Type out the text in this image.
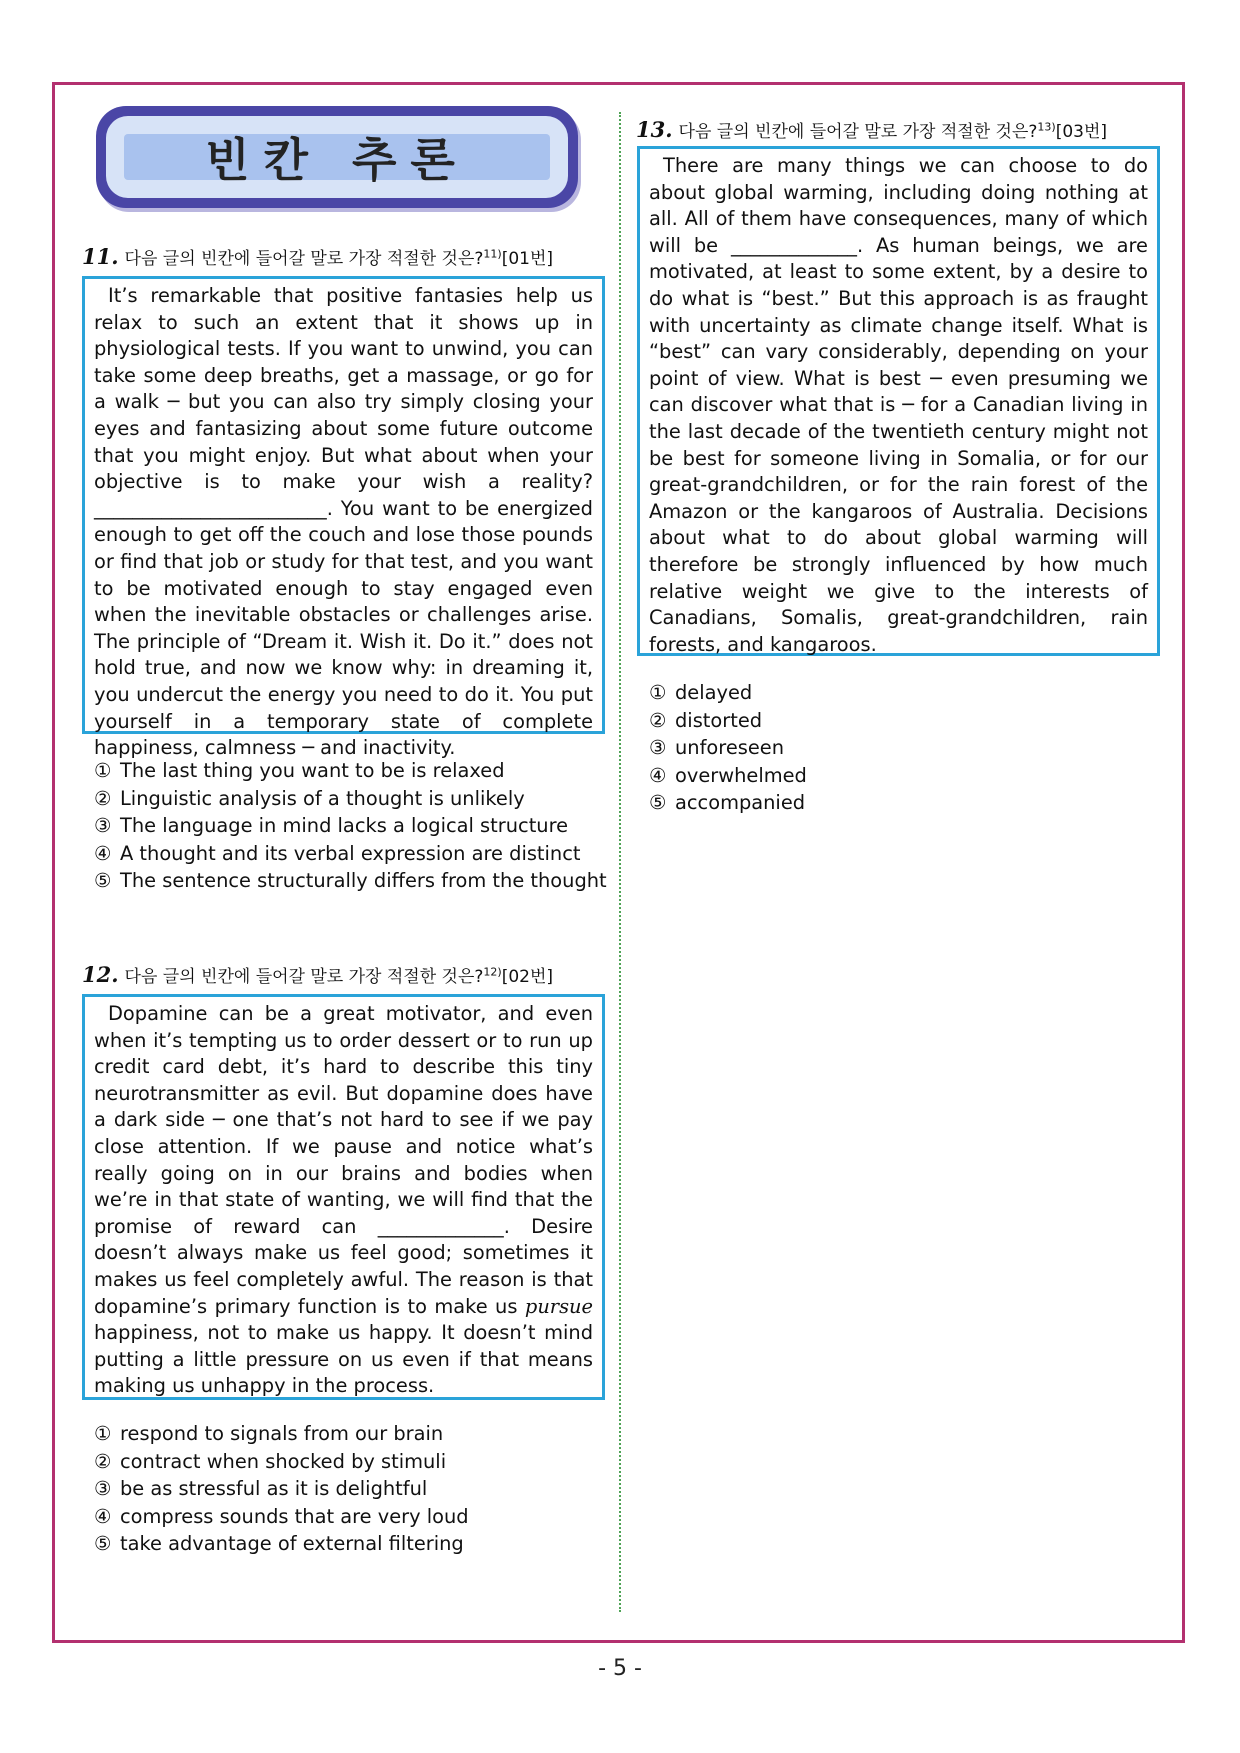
빈칸 추론
11. 다음 글의 빈칸에 들어갈 말로 가장 적절한 것은?$^{11)}$[01번]

It’s remarkable that positive fantasies help us relax to such an extent that it shows up in physiological tests. If you want to unwind, you can take some deep breaths, get a massage, or go for a walk ─ but you can also try simply closing your eyes and fantasizing about some future outcome that you might enjoy. But what about when your objective is to make your wish a reality? ________________________. You want to be energized enough to get off the couch and lose those pounds or find that job or study for that test, and you want to be motivated enough to stay engaged even when the inevitable obstacles or challenges arise. The principle of “Dream it. Wish it. Do it.” does not hold true, and now we know why: in dreaming it, you undercut the energy you need to do it. You put yourself in a temporary state of complete happiness, calmness ─ and inactivity.

① The last thing you want to be is relaxed
② Linguistic analysis of a thought is unlikely
③ The language in mind lacks a logical structure
④ A thought and its verbal expression are distinct
⑤ The sentence structurally differs from the thought
12. 다음 글의 빈칸에 들어갈 말로 가장 적절한 것은?$^{12)}$[02번]

Dopamine can be a great motivator, and even when it’s tempting us to order dessert or to run up credit card debt, it’s hard to describe this tiny neurotransmitter as evil. But dopamine does have a dark side ─ one that’s not hard to see if we pay close attention. If we pause and notice what’s really going on in our brains and bodies when we’re in that state of wanting, we will find that the promise of reward can _____________. Desire doesn’t always make us feel good; sometimes it makes us feel completely awful. The reason is that dopamine’s primary function is to make us pursue happiness, not to make us happy. It doesn’t mind putting a little pressure on us even if that means making us unhappy in the process.

① respond to signals from our brain
② contract when shocked by stimuli
③ be as stressful as it is delightful
④ compress sounds that are very loud
⑤ take advantage of external filtering
13. 다음 글의 빈칸에 들어갈 말로 가장 적절한 것은?$^{13)}$[03번]

There are many things we can choose to do about global warming, including doing nothing at all. All of them have consequences, many of which will be _____________. As human beings, we are motivated, at least to some extent, by a desire to do what is “best.” But this approach is as fraught with uncertainty as climate change itself. What is “best” can vary considerably, depending on your point of view. What is best ─ even presuming we can discover what that is ─ for a Canadian living in the last decade of the twentieth century might not be best for someone living in Somalia, or for our great-grandchildren, or for the rain forest of the Amazon or the kangaroos of Australia. Decisions about what to do about global warming will therefore be strongly influenced by how much relative weight we give to the interests of Canadians, Somalis, great-grandchildren, rain forests, and kangaroos.

① delayed
② distorted
③ unforeseen
④ overwhelmed
⑤ accompanied
- 5 -
